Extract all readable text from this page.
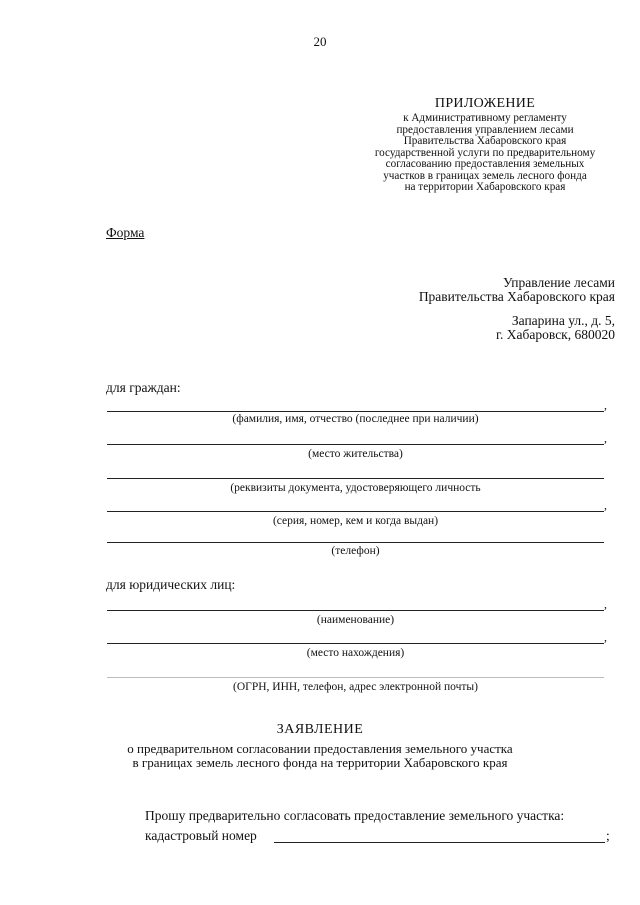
20
ПРИЛОЖЕНИЕ
к Административному регламенту
предоставления управлением лесами
Правительства Хабаровского края
государственной услуги по предварительному
согласованию предоставления земельных
участков в границах земель лесного фонда
на территории Хабаровского края
Форма
Управление лесами
Правительства Хабаровского края
Запарина ул., д. 5,
г. Хабаровск, 680020
для граждан:
,
(фамилия, имя, отчество (последнее при наличии)
,
(место жительства)
(реквизиты документа, удостоверяющего личность
,
(серия, номер, кем и когда выдан)
(телефон)
для юридических лиц:
,
(наименование)
,
(место нахождения)
(ОГРН, ИНН, телефон, адрес электронной почты)
ЗАЯВЛЕНИЕ
о предварительном согласовании предоставления земельного участка
в границах земель лесного фонда на территории Хабаровского края
Прошу предварительно согласовать предоставление земельного участка:
кадастровый номер	;
